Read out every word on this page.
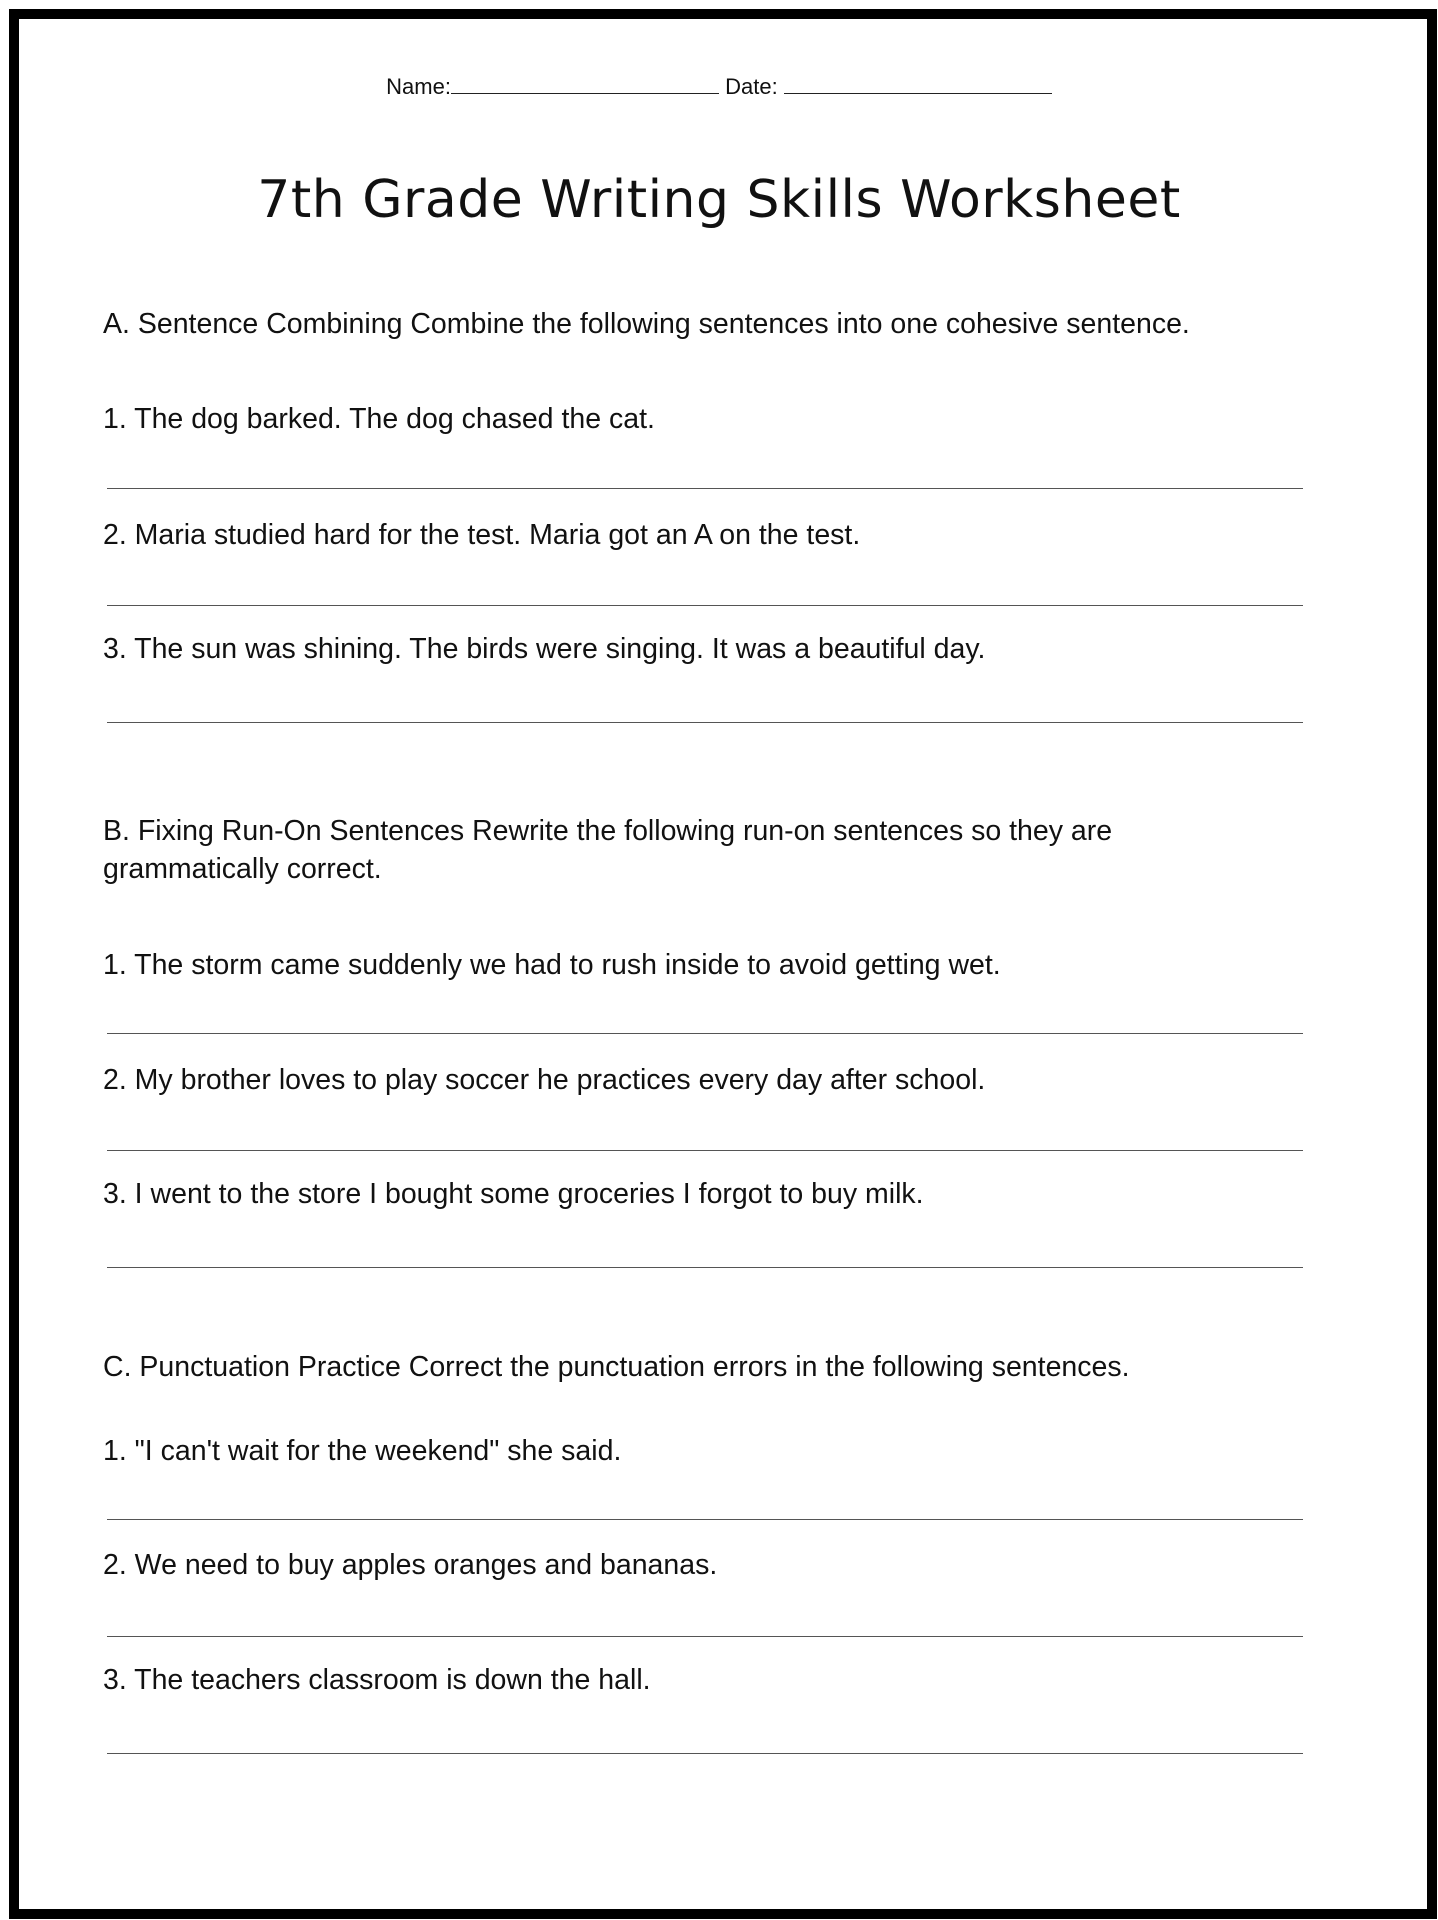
Name:	Date:
7th Grade Writing Skills Worksheet
A. Sentence Combining Combine the following sentences into one cohesive sentence.
1. The dog barked. The dog chased the cat.
2. Maria studied hard for the test. Maria got an A on the test.
3. The sun was shining. The birds were singing. It was a beautiful day.
B. Fixing Run-On Sentences Rewrite the following run-on sentences so they are grammatically correct.
1. The storm came suddenly we had to rush inside to avoid getting wet.
2. My brother loves to play soccer he practices every day after school.
3. I went to the store I bought some groceries I forgot to buy milk.
C. Punctuation Practice Correct the punctuation errors in the following sentences.
1. "I can't wait for the weekend" she said.
2. We need to buy apples oranges and bananas.
3. The teachers classroom is down the hall.
